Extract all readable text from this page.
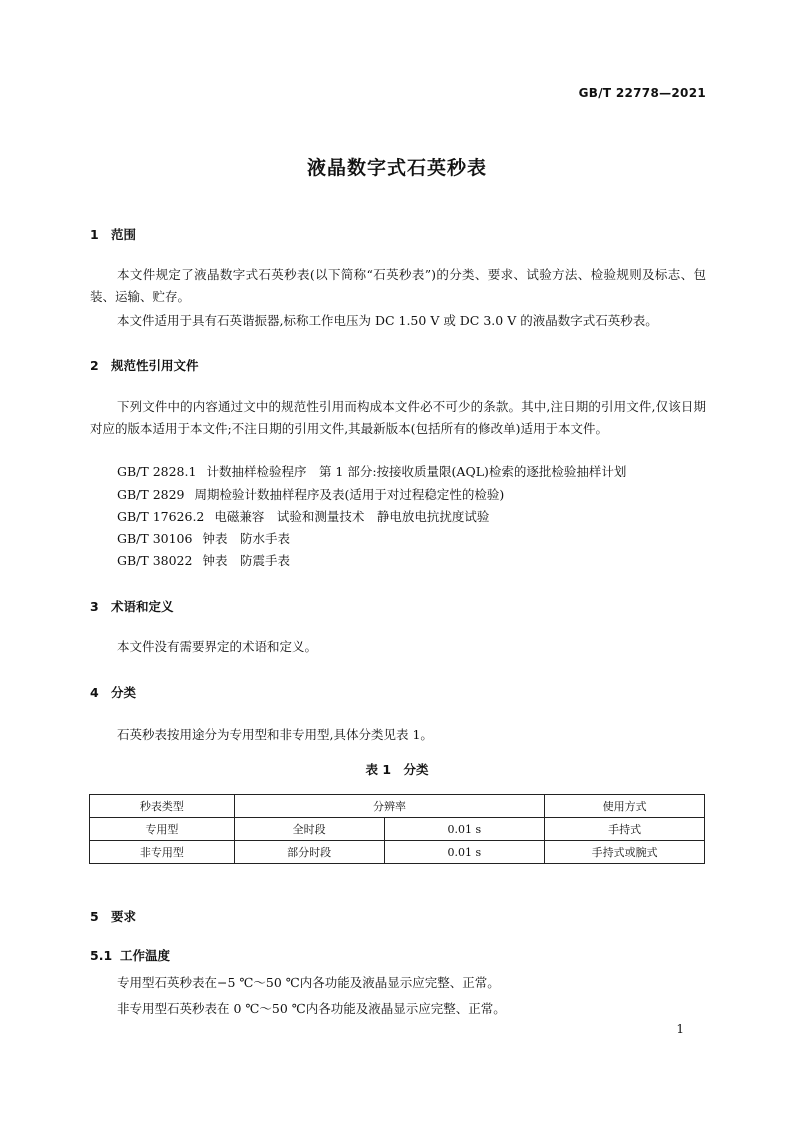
GB/T 22778—2021
液晶数字式石英秒表
1 范围
本文件规定了液晶数字式石英秒表(以下简称“石英秒表”)的分类、要求、试验方法、检验规则及标志、包装、运输、贮存。
本文件适用于具有石英谐振器,标称工作电压为 DC 1.50 V 或 DC 3.0 V 的液晶数字式石英秒表。
2 规范性引用文件
下列文件中的内容通过文中的规范性引用而构成本文件必不可少的条款。其中,注日期的引用文件,仅该日期对应的版本适用于本文件;不注日期的引用文件,其最新版本(包括所有的修改单)适用于本文件。
GB/T 2828.1 计数抽样检验程序　第 1 部分:按接收质量限(AQL)检索的逐批检验抽样计划
GB/T 2829 周期检验计数抽样程序及表(适用于对过程稳定性的检验)
GB/T 17626.2 电磁兼容　试验和测量技术　静电放电抗扰度试验
GB/T 30106 钟表　防水手表
GB/T 38022 钟表　防震手表
3 术语和定义
本文件没有需要界定的术语和定义。
4 分类
石英秒表按用途分为专用型和非专用型,具体分类见表 1。
表 1　分类
秒表类型	分辨率		使用方式
专用型	全时段	0.01 s	手持式
非专用型	部分时段	0.01 s	手持式或腕式
5 要求
5.1 工作温度
专用型石英秒表在−5 ℃～50 ℃内各功能及液晶显示应完整、正常。
非专用型石英秒表在 0 ℃～50 ℃内各功能及液晶显示应完整、正常。
1
